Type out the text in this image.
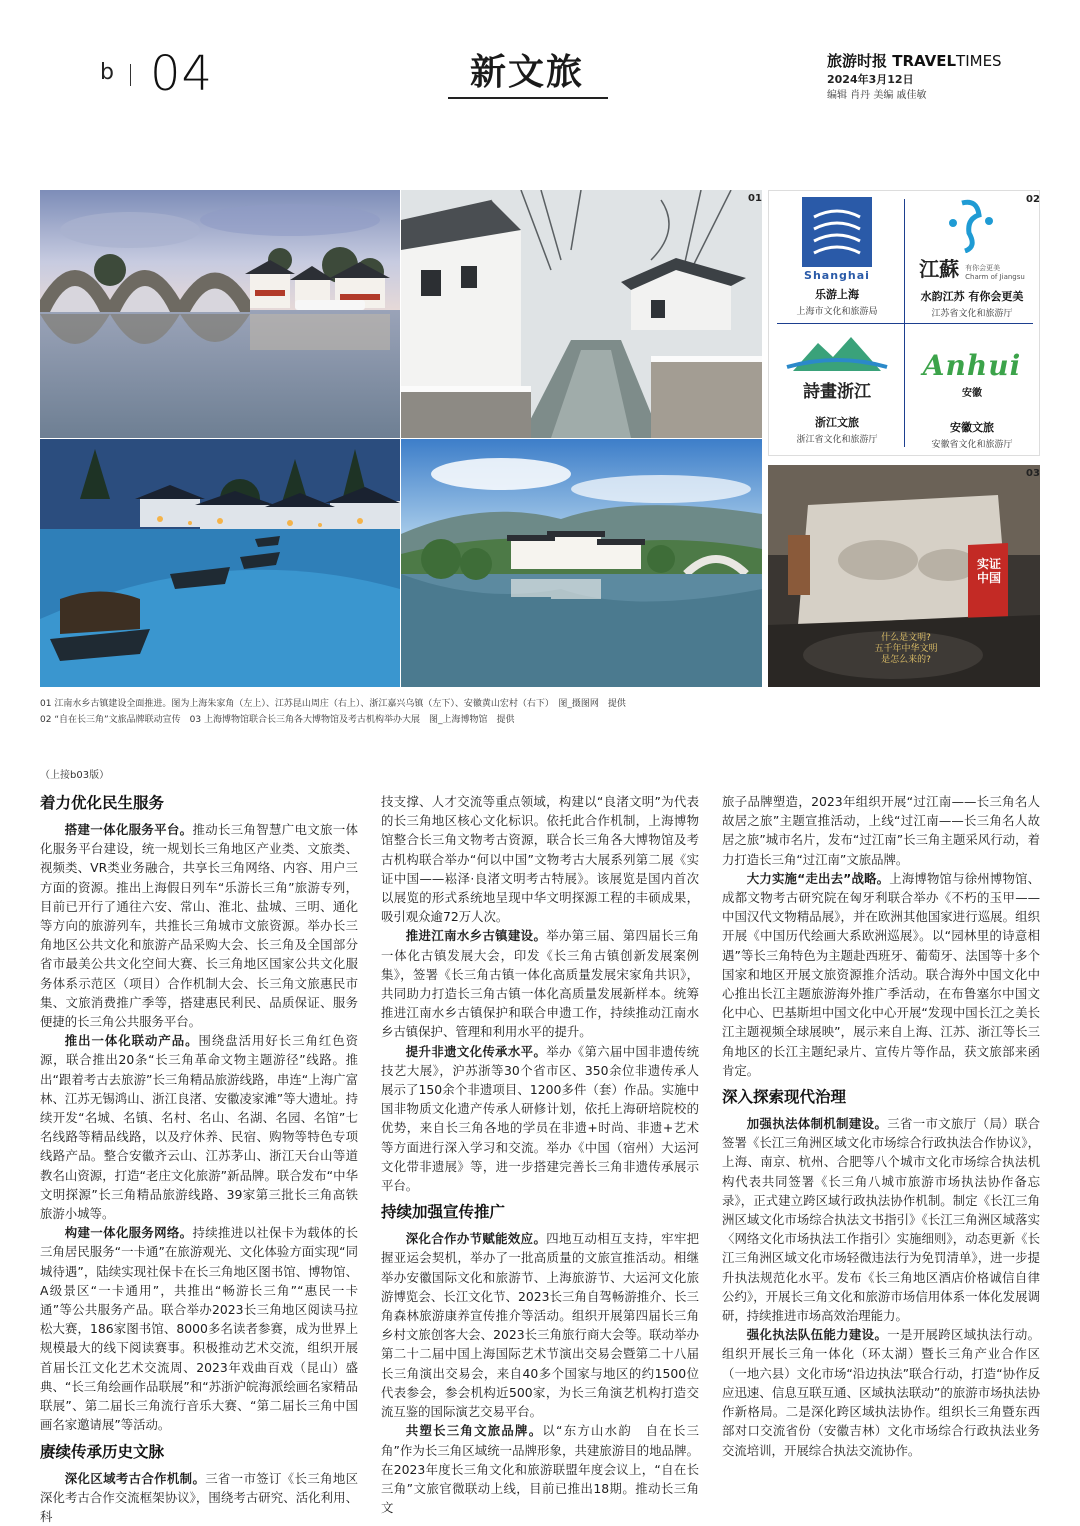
b 04	新文旅	旅游时报 TRAVELTIMES
2024年3月12日
编辑 肖丹 美编 戚佳敏
01
Shanghai
乐游上海
上海市文化和旅游局
江蘇 有你会更美
Charm of Jiangsu
水韵江苏 有你会更美
江苏省文化和旅游厅
02
詩畫浙江
浙江文旅
浙江省文化和旅游厅
Anhui
安徽
安徽文旅
安徽省文化和旅游厅
实证中国
什么是文明?
五千年中华文明
是怎么来的?
03
01 江南水乡古镇建设全面推进。图为上海朱家角（左上）、江苏昆山周庄（右上）、浙江嘉兴乌镇（左下）、安徽黄山宏村（右下）　图_摄图网　提供
02 “自在长三角”文旅品牌联动宣传　03 上海博物馆联合长三角各大博物馆及考古机构举办大展　图_上海博物馆　提供
（上接b03版）
着力优化民生服务

搭建一体化服务平台。推动长三角智慧广电文旅一体化服务平台建设，统一规划长三角地区产业类、文旅类、视频类、VR类业务融合，共享长三角网络、内容、用户三方面的资源。推出上海假日列车“乐游长三角”旅游专列，目前已开行了通往六安、常山、淮北、盐城、三明、通化等方向的旅游列车，共推长三角城市文旅资源。举办长三角地区公共文化和旅游产品采购大会、长三角及全国部分省市最美公共文化空间大赛、长三角地区国家公共文化服务体系示范区（项目）合作机制大会、长三角文旅惠民市集、文旅消费推广季等，搭建惠民利民、品质保证、服务便捷的长三角公共服务平台。

推出一体化联动产品。围绕盘活用好长三角红色资源，联合推出20条“长三角革命文物主题游径”线路。推出“跟着考古去旅游”长三角精品旅游线路，串连“上海广富林、江苏无锡鸿山、浙江良渚、安徽凌家滩”等大遗址。持续开发“名城、名镇、名村、名山、名湖、名园、名馆”七名线路等精品线路，以及疗休养、民宿、购物等特色专项线路产品。整合安徽齐云山、江苏茅山、浙江天台山等道教名山资源，打造“老庄文化旅游”新品牌。联合发布“中华文明探源”长三角精品旅游线路、39家第三批长三角高铁旅游小城等。

构建一体化服务网络。持续推进以社保卡为载体的长三角居民服务“一卡通”在旅游观光、文化体验方面实现“同城待遇”，陆续实现社保卡在长三角地区图书馆、博物馆、A级景区“一卡通用”，共推出“畅游长三角”“惠民一卡通”等公共服务产品。联合举办2023长三角地区阅读马拉松大赛，186家图书馆、8000多名读者参赛，成为世界上规模最大的线下阅读赛事。积极推动艺术交流，组织开展首届长江文化艺术交流周、2023年戏曲百戏（昆山）盛典、“长三角绘画作品联展”和“苏浙沪皖海派绘画名家精品联展”、第二届长三角流行音乐大赛、“第二届长三角中国画名家邀请展”等活动。

赓续传承历史文脉

深化区域考古合作机制。三省一市签订《长三角地区深化考古合作交流框架协议》，围绕考古研究、活化利用、科

技支撑、人才交流等重点领域，构建以“良渚文明”为代表的长三角地区核心文化标识。依托此合作机制，上海博物馆整合长三角文物考古资源，联合长三角各大博物馆及考古机构联合举办“何以中国”文物考古大展系列第二展《实证中国——崧泽·良渚文明考古特展》。该展览是国内首次以展览的形式系统地呈现中华文明探源工程的丰硕成果，吸引观众逾72万人次。

推进江南水乡古镇建设。举办第三届、第四届长三角一体化古镇发展大会，印发《长三角古镇创新发展案例集》，签署《长三角古镇一体化高质量发展宋家角共识》，共同助力打造长三角古镇一体化高质量发展新样本。统筹推进江南水乡古镇保护和联合申遗工作，持续推动江南水乡古镇保护、管理和利用水平的提升。

提升非遗文化传承水平。举办《第六届中国非遗传统技艺大展》，沪苏浙等30个省市区、350余位非遗传承人展示了150余个非遗项目、1200多件（套）作品。实施中国非物质文化遗产传承人研修计划，依托上海研培院校的优势，来自长三角各地的学员在非遗+时尚、非遗+艺术等方面进行深入学习和交流。举办《中国（宿州）大运河文化带非遗展》等，进一步搭建完善长三角非遗传承展示平台。

持续加强宣传推广

深化合作办节赋能效应。四地互动相互支持，牢牢把握亚运会契机，举办了一批高质量的文旅宣推活动。相继举办安徽国际文化和旅游节、上海旅游节、大运河文化旅游博览会、长江文化节、2023长三角自驾畅游推介、长三角森林旅游康养宣传推介等活动。组织开展第四届长三角乡村文旅创客大会、2023长三角旅行商大会等。联动举办第二十二届中国上海国际艺术节演出交易会暨第二十八届长三角演出交易会，来自40多个国家与地区的约1500位代表参会，参会机构近500家，为长三角演艺机构打造交流互鉴的国际演艺交易平台。

共塑长三角文旅品牌。以“东方山水韵　自在长三角”作为长三角区域统一品牌形象，共建旅游目的地品牌。在2023年度长三角文化和旅游联盟年度会议上，“自在长三角”文旅官微联动上线，目前已推出18期。推动长三角文

旅子品牌塑造，2023年组织开展“过江南——长三角名人故居之旅”主题宣推活动，上线“过江南——长三角名人故居之旅”城市名片，发布“过江南”长三角主题采风行动，着力打造长三角“过江南”文旅品牌。

大力实施“走出去”战略。上海博物馆与徐州博物馆、成都文物考古研究院在匈牙利联合举办《不朽的玉甲——中国汉代文物精品展》，并在欧洲其他国家进行巡展。组织开展《中国历代绘画大系欧洲巡展》。以“园林里的诗意相遇”等长三角特色为主题赴西班牙、葡萄牙、法国等十多个国家和地区开展文旅资源推介活动。联合海外中国文化中心推出长江主题旅游海外推广季活动，在布鲁塞尔中国文化中心、巴基斯坦中国文化中心开展“发现中国长江之美长江主题视频全球展映”，展示来自上海、江苏、浙江等长三角地区的长江主题纪录片、宣传片等作品，获文旅部来函肯定。

深入探索现代治理

加强执法体制机制建设。三省一市文旅厅（局）联合签署《长江三角洲区域文化市场综合行政执法合作协议》，上海、南京、杭州、合肥等八个城市文化市场综合执法机构代表共同签署《长三角八城市旅游市场执法协作备忘录》，正式建立跨区域行政执法协作机制。制定《长江三角洲区域文化市场综合执法文书指引》《长江三角洲区域落实〈网络文化市场执法工作指引〉实施细则》，动态更新《长江三角洲区域文化市场轻微违法行为免罚清单》，进一步提升执法规范化水平。发布《长三角地区酒店价格诚信自律公约》，开展长三角文化和旅游市场信用体系一体化发展调研，持续推进市场高效治理能力。

强化执法队伍能力建设。一是开展跨区域执法行动。组织开展长三角一体化（环太湖）暨长三角产业合作区（一地六县）文化市场“沿边执法”联合行动，打造“协作反应迅速、信息互联互通、区域执法联动”的旅游市场执法协作新格局。二是深化跨区域执法协作。组织长三角暨东西部对口交流省份（安徽吉林）文化市场综合行政执法业务交流培训，开展综合执法交流协作。
